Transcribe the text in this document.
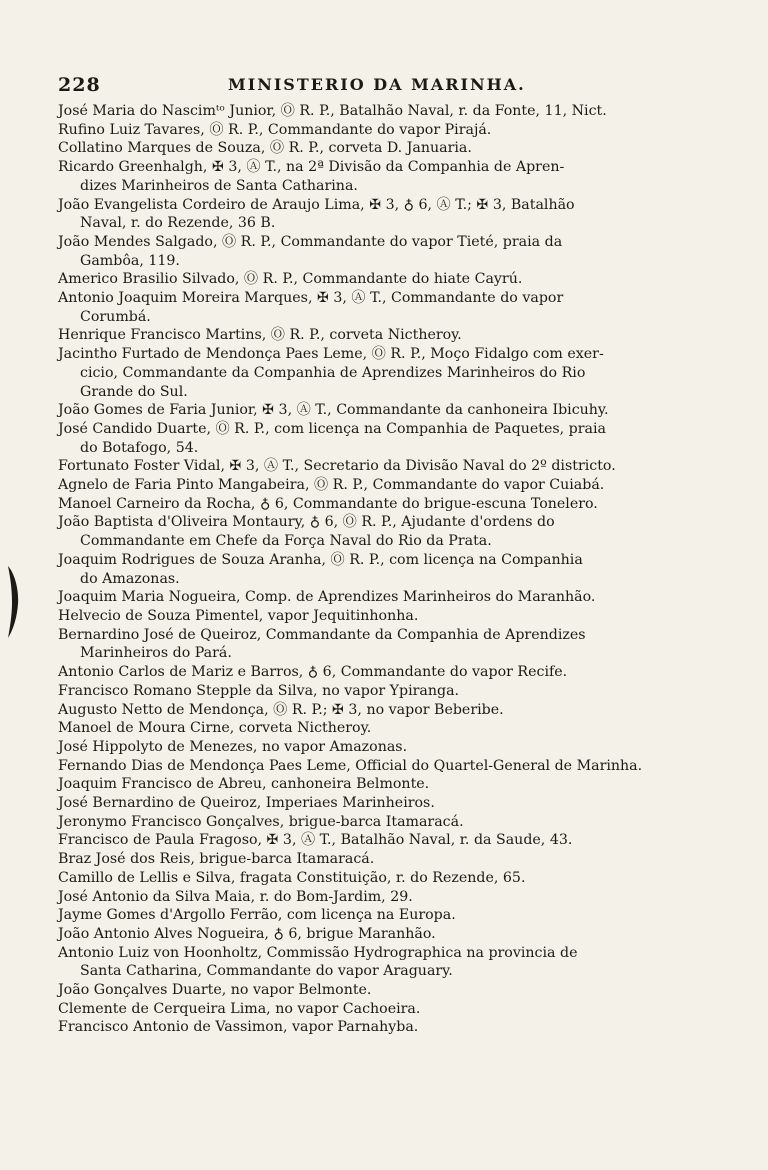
228	MINISTERIO DA MARINHA.
José Maria do Nascimᵗᵒ Junior, Ⓞ R. P., Batalhão Naval, r. da Fonte, 11, Nict.
Rufino Luiz Tavares, Ⓞ R. P., Commandante do vapor Pirajá.
Collatino Marques de Souza, Ⓞ R. P., corveta D. Januaria.
Ricardo Greenhalgh, ✠ 3, Ⓐ T., na 2ª Divisão da Companhia de Apren-
dizes Marinheiros de Santa Catharina.
João Evangelista Cordeiro de Araujo Lima, ✠ 3, ♁ 6, Ⓐ T.; ✠ 3, Batalhão
Naval, r. do Rezende, 36 B.
João Mendes Salgado, Ⓞ R. P., Commandante do vapor Tieté, praia da
Gambôa, 119.
Americo Brasilio Silvado, Ⓞ R. P., Commandante do hiate Cayrú.
Antonio Joaquim Moreira Marques, ✠ 3, Ⓐ T., Commandante do vapor
Corumbá.
Henrique Francisco Martins, Ⓞ R. P., corveta Nictheroy.
Jacintho Furtado de Mendonça Paes Leme, Ⓞ R. P., Moço Fidalgo com exer-
cicio, Commandante da Companhia de Aprendizes Marinheiros do Rio
Grande do Sul.
João Gomes de Faria Junior, ✠ 3, Ⓐ T., Commandante da canhoneira Ibicuhy.
José Candido Duarte, Ⓞ R. P., com licença na Companhia de Paquetes, praia
do Botafogo, 54.
Fortunato Foster Vidal, ✠ 3, Ⓐ T., Secretario da Divisão Naval do 2º districto.
Agnelo de Faria Pinto Mangabeira, Ⓞ R. P., Commandante do vapor Cuiabá.
Manoel Carneiro da Rocha, ♁ 6, Commandante do brigue-escuna Tonelero.
João Baptista d'Oliveira Montaury, ♁ 6, Ⓞ R. P., Ajudante d'ordens do
Commandante em Chefe da Força Naval do Rio da Prata.
Joaquim Rodrigues de Souza Aranha, Ⓞ R. P., com licença na Companhia
do Amazonas.
Joaquim Maria Nogueira, Comp. de Aprendizes Marinheiros do Maranhão.
Helvecio de Souza Pimentel, vapor Jequitinhonha.
Bernardino José de Queiroz, Commandante da Companhia de Aprendizes
Marinheiros do Pará.
Antonio Carlos de Mariz e Barros, ♁ 6, Commandante do vapor Recife.
Francisco Romano Stepple da Silva, no vapor Ypiranga.
Augusto Netto de Mendonça, Ⓞ R. P.; ✠ 3, no vapor Beberibe.
Manoel de Moura Cirne, corveta Nictheroy.
José Hippolyto de Menezes, no vapor Amazonas.
Fernando Dias de Mendonça Paes Leme, Official do Quartel-General de Marinha.
Joaquim Francisco de Abreu, canhoneira Belmonte.
José Bernardino de Queiroz, Imperiaes Marinheiros.
Jeronymo Francisco Gonçalves, brigue-barca Itamaracá.
Francisco de Paula Fragoso, ✠ 3, Ⓐ T., Batalhão Naval, r. da Saude, 43.
Braz José dos Reis, brigue-barca Itamaracá.
Camillo de Lellis e Silva, fragata Constituição, r. do Rezende, 65.
José Antonio da Silva Maia, r. do Bom-Jardim, 29.
Jayme Gomes d'Argollo Ferrão, com licença na Europa.
João Antonio Alves Nogueira, ♁ 6, brigue Maranhão.
Antonio Luiz von Hoonholtz, Commissão Hydrographica na provincia de
Santa Catharina, Commandante do vapor Araguary.
João Gonçalves Duarte, no vapor Belmonte.
Clemente de Cerqueira Lima, no vapor Cachoeira.
Francisco Antonio de Vassimon, vapor Parnahyba.
